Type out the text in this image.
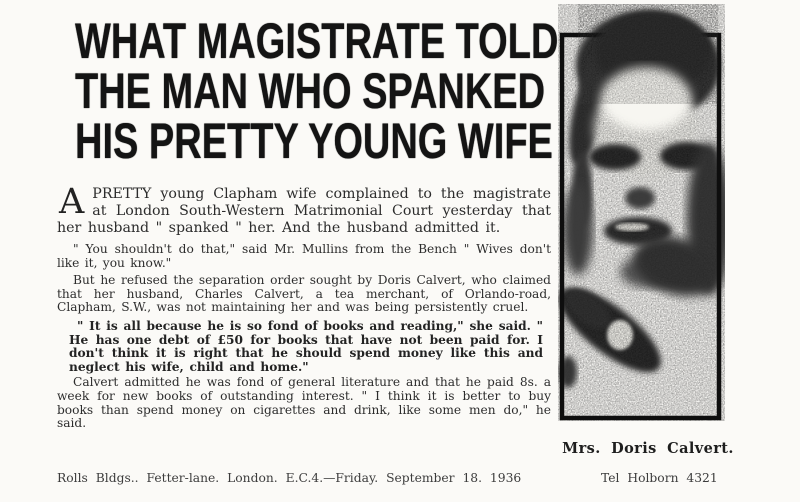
WHAT MAGISTRATE TOLD
THE MAN WHO SPANKED
HIS PRETTY YOUNG WIFE

A PRETTY young Clapham wife complained to the magistrate at London South-Western Matrimonial Court yesterday that her husband " spanked " her. And the husband admitted it.

" You shouldn't do that," said Mr. Mullins from the Bench " Wives don't like it, you know."

But he refused the separation order sought by Doris Calvert, who claimed that her husband, Charles Calvert, a tea merchant, of Orlando-road, Clapham, S.W., was not maintaining her and was being persistently cruel.

" It is all because he is so fond of books and reading," she said. " He has one debt of £50 for books that have not been paid for. I don't think it is right that he should spend money like this and neglect his wife, child and home."

Calvert admitted he was fond of general literature and that he paid 8s. a week for new books of outstanding interest. " I think it is better to buy books than spend money on cigarettes and drink, like some men do," he said.

Mrs. Doris Calvert.
Rolls Bldgs.. Fetter-lane. London. E.C.4.—Friday. September 18. 1936	Tel Holborn 4321
